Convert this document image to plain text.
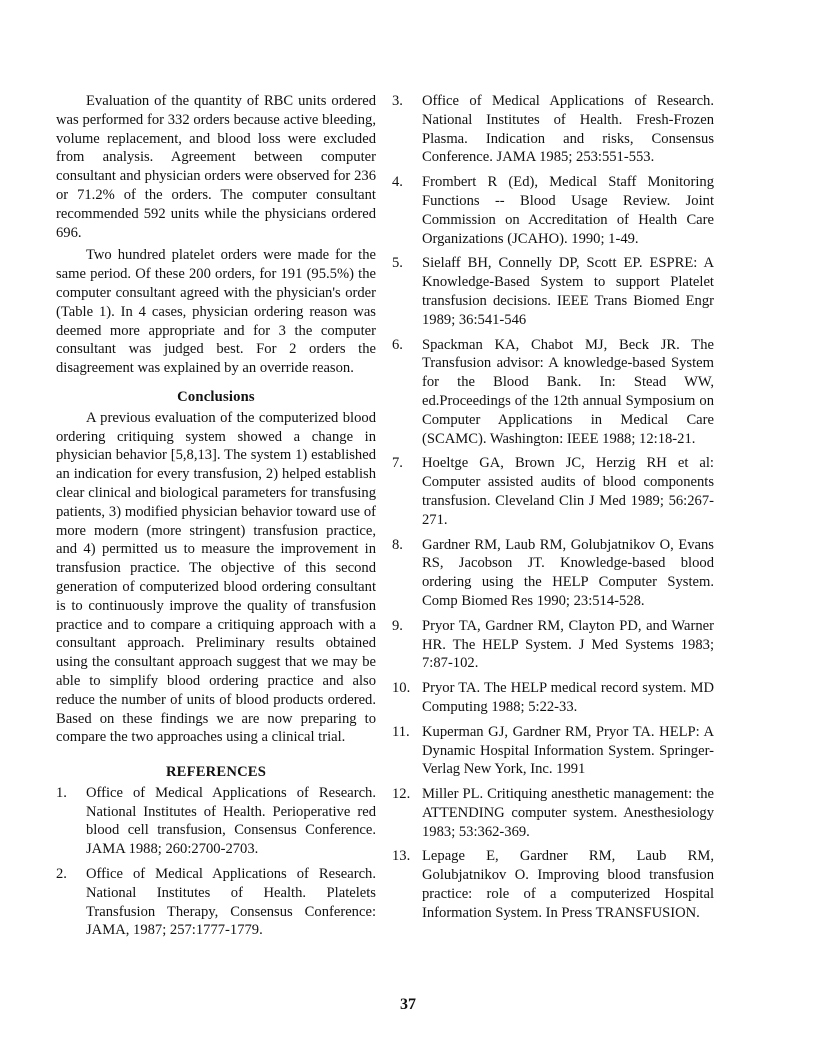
Evaluation of the quantity of RBC units ordered was performed for 332 orders because active bleeding, volume replacement, and blood loss were excluded from analysis. Agreement between computer consultant and physician orders were observed for 236 or 71.2% of the orders. The computer consultant recommended 592 units while the physicians ordered 696.

Two hundred platelet orders were made for the same period. Of these 200 orders, for 191 (95.5%) the computer consultant agreed with the physician's order (Table 1). In 4 cases, physician ordering reason was deemed more appropriate and for 3 the computer consultant was judged best. For 2 orders the disagreement was explained by an override reason.

Conclusions

A previous evaluation of the computerized blood ordering critiquing system showed a change in physician behavior [5,8,13]. The system 1) established an indication for every transfusion, 2) helped establish clear clinical and biological parameters for transfusing patients, 3) modified physician behavior toward use of more modern (more stringent) transfusion practice, and 4) permitted us to measure the improvement in transfusion practice. The objective of this second generation of computerized blood ordering consultant is to continuously improve the quality of transfusion practice and to compare a critiquing approach with a consultant approach. Preliminary results obtained using the consultant approach suggest that we may be able to simplify blood ordering practice and also reduce the number of units of blood products ordered. Based on these findings we are now preparing to compare the two approaches using a clinical trial.

REFERENCES
1.	Office of Medical Applications of Research. National Institutes of Health. Perioperative red blood cell transfusion, Consensus Conference. JAMA 1988; 260:2700-2703.
2.	Office of Medical Applications of Research. National Institutes of Health. Platelets Transfusion Therapy, Consensus Conference: JAMA, 1987; 257:1777-1779.
3.	Office of Medical Applications of Research. National Institutes of Health. Fresh-Frozen Plasma. Indication and risks, Consensus Conference. JAMA 1985; 253:551-553.
4.	Frombert R (Ed), Medical Staff Monitoring Functions -- Blood Usage Review. Joint Commission on Accreditation of Health Care Organizations (JCAHO). 1990; 1-49.
5.	Sielaff BH, Connelly DP, Scott EP. ESPRE: A Knowledge-Based System to support Platelet transfusion decisions. IEEE Trans Biomed Engr 1989; 36:541-546
6.	Spackman KA, Chabot MJ, Beck JR. The Transfusion advisor: A knowledge-based System for the Blood Bank. In: Stead WW, ed.Proceedings of the 12th annual Symposium on Computer Applications in Medical Care (SCAMC). Washington: IEEE 1988; 12:18-21.
7.	Hoeltge GA, Brown JC, Herzig RH et al: Computer assisted audits of blood components transfusion. Cleveland Clin J Med 1989; 56:267-271.
8.	Gardner RM, Laub RM, Golubjatnikov O, Evans RS, Jacobson JT. Knowledge-based blood ordering using the HELP Computer System. Comp Biomed Res 1990; 23:514-528.
9.	Pryor TA, Gardner RM, Clayton PD, and Warner HR. The HELP System. J Med Systems 1983; 7:87-102.
10. Pryor TA. The HELP medical record system. MD Computing 1988; 5:22-33.
11. Kuperman GJ, Gardner RM, Pryor TA. HELP: A Dynamic Hospital Information System. Springer-Verlag New York, Inc. 1991
12. Miller PL. Critiquing anesthetic management: the ATTENDING computer system. Anesthesiology 1983; 53:362-369.
13. Lepage E, Gardner RM, Laub RM, Golubjatnikov O. Improving blood transfusion practice: role of a computerized Hospital Information System. In Press TRANSFUSION.
37
